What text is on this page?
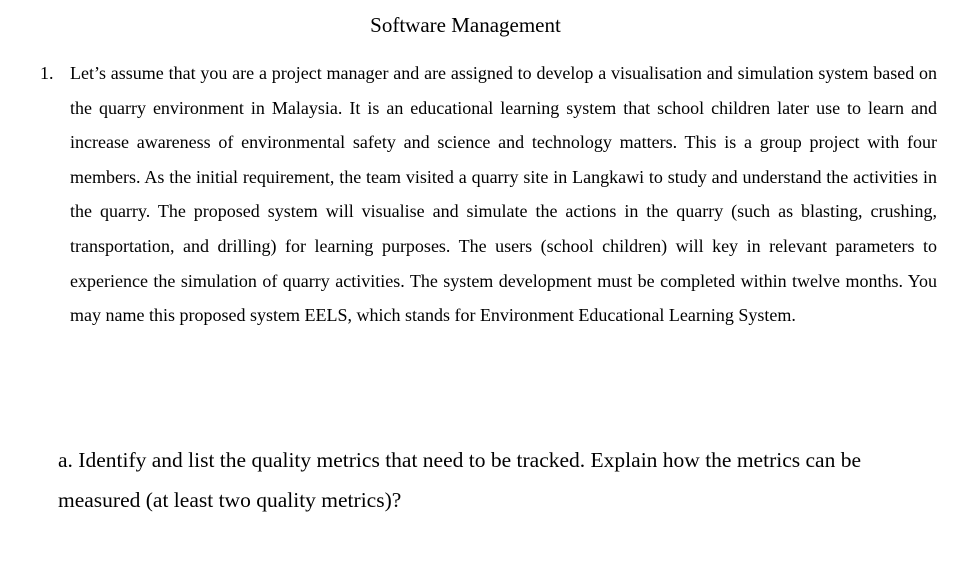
Software Management
1. Let’s assume that you are a project manager and are assigned to develop a visualisation and simulation system based on the quarry environment in Malaysia. It is an educational learning system that school children later use to learn and increase awareness of environmental safety and science and technology matters. This is a group project with four members. As the initial requirement, the team visited a quarry site in Langkawi to study and understand the activities in the quarry. The proposed system will visualise and simulate the actions in the quarry (such as blasting, crushing, transportation, and drilling) for learning purposes. The users (school children) will key in relevant parameters to experience the simulation of quarry activities. The system development must be completed within twelve months. You may name this proposed system EELS, which stands for Environment Educational Learning System.

a. Identify and list the quality metrics that need to be tracked. Explain how the metrics can be measured (at least two quality metrics)?
